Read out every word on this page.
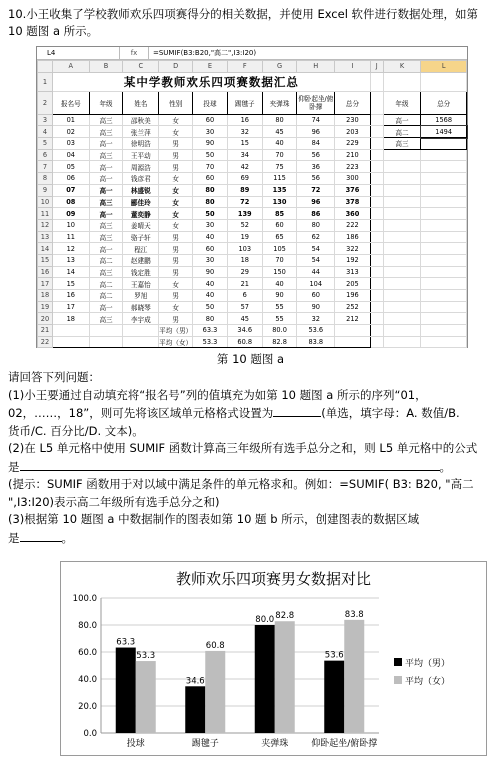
10.小王收集了学校教师欢乐四项赛得分的相关数据，并使用 Excel 软件进行数据处理，如第 10 题图 a 所示。
L4	fx	=SUMIF(B3:B20,"高二",I3:I20)
	A	B	C	D	E	F	G	H	I	J	K	L
1	某中学教师欢乐四项赛数据汇总											
2	报名号	年级	姓名	性别	投球	踢毽子	夹弹珠	仰卧起坐/俯卧撑	总分		年级	总分
3	01	高三	邵秋美	女	60	16	80	74	230		高一	1568
4	02	高三	张兰萍	女	30	32	45	96	203		高二	1494
5	03	高一	徐明浩	男	90	15	40	84	229		高三	
6	04	高三	王平动	男	50	34	70	56	210			
7	05	高一	周源浩	男	70	42	75	36	223			
8	06	高一	钱彦君	女	60	69	115	56	300			
9	07	高一	林盛锐	女	80	89	135	72	376			
10	08	高三	郦佳玲	女	80	72	130	96	378			
11	09	高一	董奕静	女	50	139	85	86	360			
12	10	高三	姜晴天	女	30	52	60	80	222			
13	11	高三	骆子轩	男	40	19	65	62	186			
14	12	高一	程江	男	60	103	105	54	322			
15	13	高二	赵建鹏	男	30	18	70	54	192			
16	14	高三	钱定胜	男	90	29	150	44	313			
17	15	高二	王嘉怡	女	40	21	40	104	205			
18	16	高二	罗旭	男	40	6	90	60	196			
19	17	高一	郝晓琴	女	50	57	55	90	252			
20	18	高三	李宇成	男	80	45	55	32	212			
21				平均（男）	63.3	34.6	80.0	53.6				
22				平均（女）	53.3	60.8	82.8	83.8				
第 10 题图 a
请回答下列问题：
(1)小王要通过自动填充将“报名号”列的值填充为如第 10 题图 a 所示的序列“01，
02，……，18”，则可先将该区域单元格格式设置为	(单选，填字母：A. 数值/B.
货币/C. 百分比/D. 文本)。
(2)在 L5 单元格中使用 SUMIF 函数计算高三年级所有选手总分之和，则 L5 单元格中的公式
是	。
(提示：SUMIF 函数用于对以域中满足条件的单元格求和。例如：=SUMIF( B3: B20, "高二
",I3:I20)表示高二年级所有选手总分之和)
(3)根据第 10 题图 a 中数据制作的图表如第 10 题 b 所示，创建图表的数据区域
是	。
教师欢乐四项赛男女数据对比
0.0
20.0
40.0
60.0
80.0
100.0
63.3
53.3
投球
34.6
60.8
踢毽子
80.0 82.8
夹弹珠
53.6
83.8
仰卧起坐/俯卧撑
平均（男）
平均（女）
